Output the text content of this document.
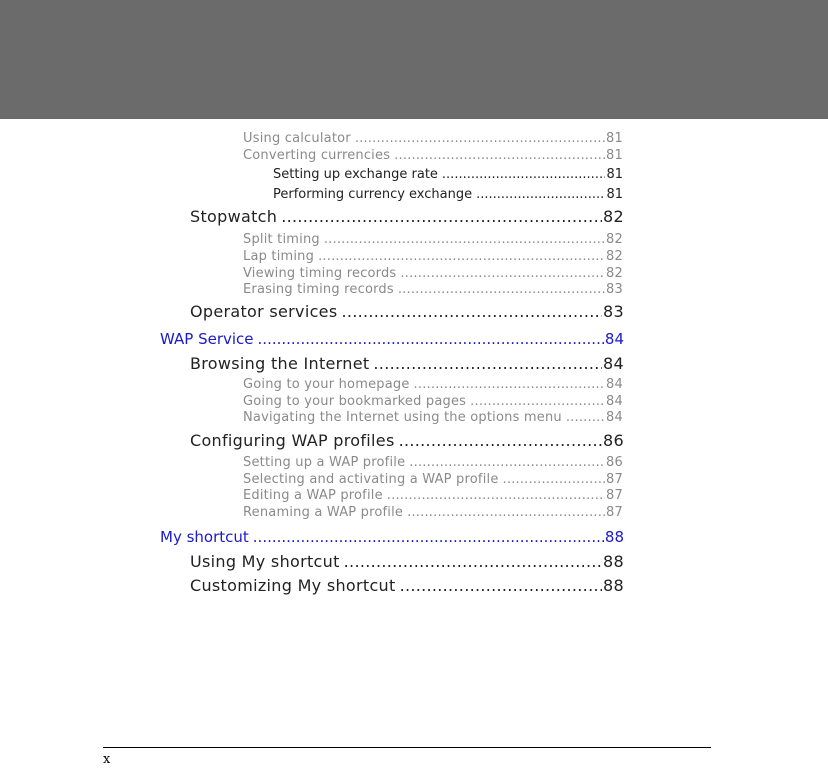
Using calculator .....	81
Converting currencies .....	81
Setting up exchange rate .....	81
Performing currency exchange .....	81
Stopwatch .....	82
Split timing .....	82
Lap timing .....	82
Viewing timing records .....	82
Erasing timing records .....	83
Operator services .....	83
WAP Service .....	84
Browsing the Internet .....	84
Going to your homepage .....	84
Going to your bookmarked pages .....	84
Navigating the Internet using the options menu .....	84
Configuring WAP profiles .....	86
Setting up a WAP profile .....	86
Selecting and activating a WAP profile .....	87
Editing a WAP profile .....	87
Renaming a WAP profile .....	87
My shortcut .....	88
Using My shortcut .....	88
Customizing My shortcut .....	88
x
